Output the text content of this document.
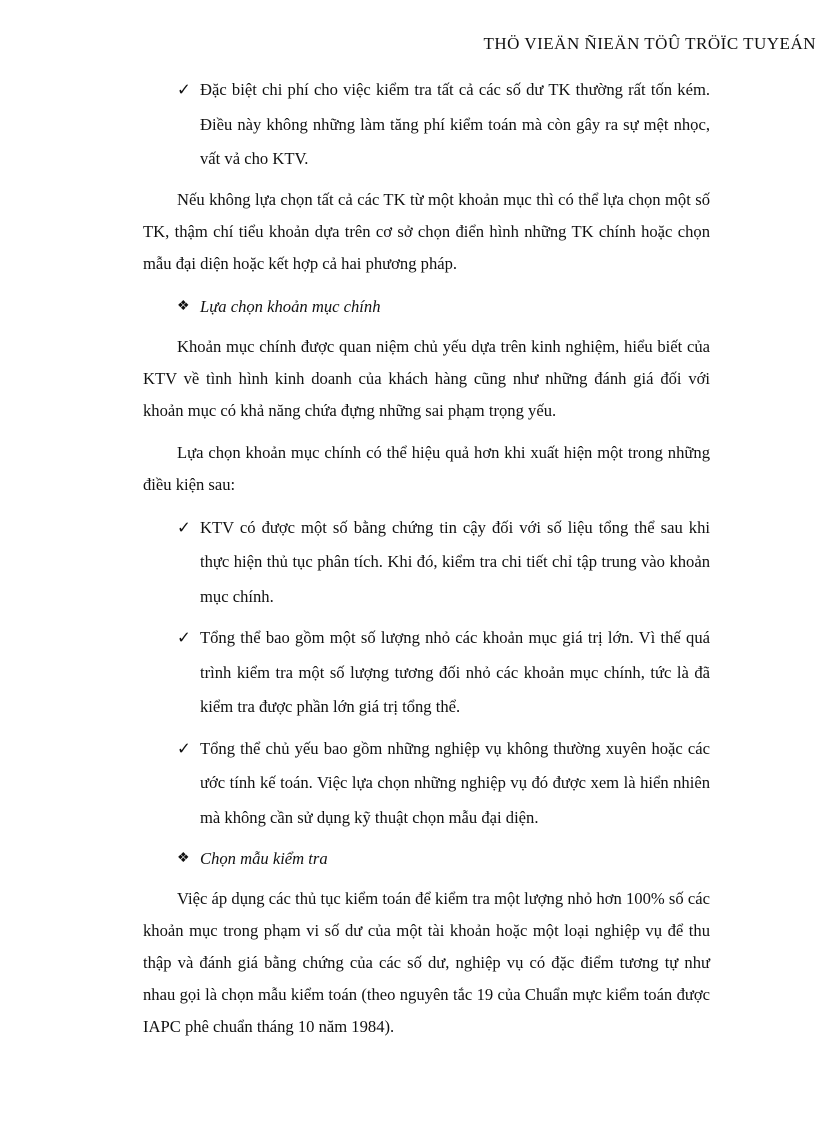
THÖ VIEÄN ÑIEÄN TÖÛ TRÖÏC TUYEÁN
✓ Đặc biệt chi phí cho việc kiểm tra tất cả các số dư TK thường rất tốn kém. Điều này không những làm tăng phí kiểm toán mà còn gây ra sự mệt nhọc, vất vả cho KTV.
Nếu không lựa chọn tất cả các TK từ một khoản mục thì có thể lựa chọn một số TK, thậm chí tiểu khoản dựa trên cơ sở chọn điển hình những TK chính hoặc chọn mẫu đại diện hoặc kết hợp cả hai phương pháp.
❖ Lựa chọn khoản mục chính
Khoản mục chính được quan niệm chủ yếu dựa trên kinh nghiệm, hiểu biết của KTV về tình hình kinh doanh của khách hàng cũng như những đánh giá đối với khoản mục có khả năng chứa đựng những sai phạm trọng yếu.
Lựa chọn khoản mục chính có thể hiệu quả hơn khi xuất hiện một trong những điều kiện sau:
✓ KTV có được một số bằng chứng tin cậy đối với số liệu tổng thể sau khi thực hiện thủ tục phân tích. Khi đó, kiểm tra chi tiết chỉ tập trung vào khoản mục chính.
✓ Tổng thể bao gồm một số lượng nhỏ các khoản mục giá trị lớn. Vì thế quá trình kiểm tra một số lượng tương đối nhỏ các khoản mục chính, tức là đã kiểm tra được phần lớn giá trị tổng thể.
✓ Tổng thể chủ yếu bao gồm những nghiệp vụ không thường xuyên hoặc các ước tính kế toán. Việc lựa chọn những nghiệp vụ đó được xem là hiển nhiên mà không cần sử dụng kỹ thuật chọn mẫu đại diện.
❖ Chọn mẫu kiểm tra
Việc áp dụng các thủ tục kiểm toán để kiểm tra một lượng nhỏ hơn 100% số các khoản mục trong phạm vi số dư của một tài khoản hoặc một loại nghiệp vụ để thu thập và đánh giá bằng chứng của các số dư, nghiệp vụ có đặc điểm tương tự như nhau gọi là chọn mẫu kiểm toán (theo nguyên tắc 19 của Chuẩn mực kiểm toán được IAPC phê chuẩn tháng 10 năm 1984).
